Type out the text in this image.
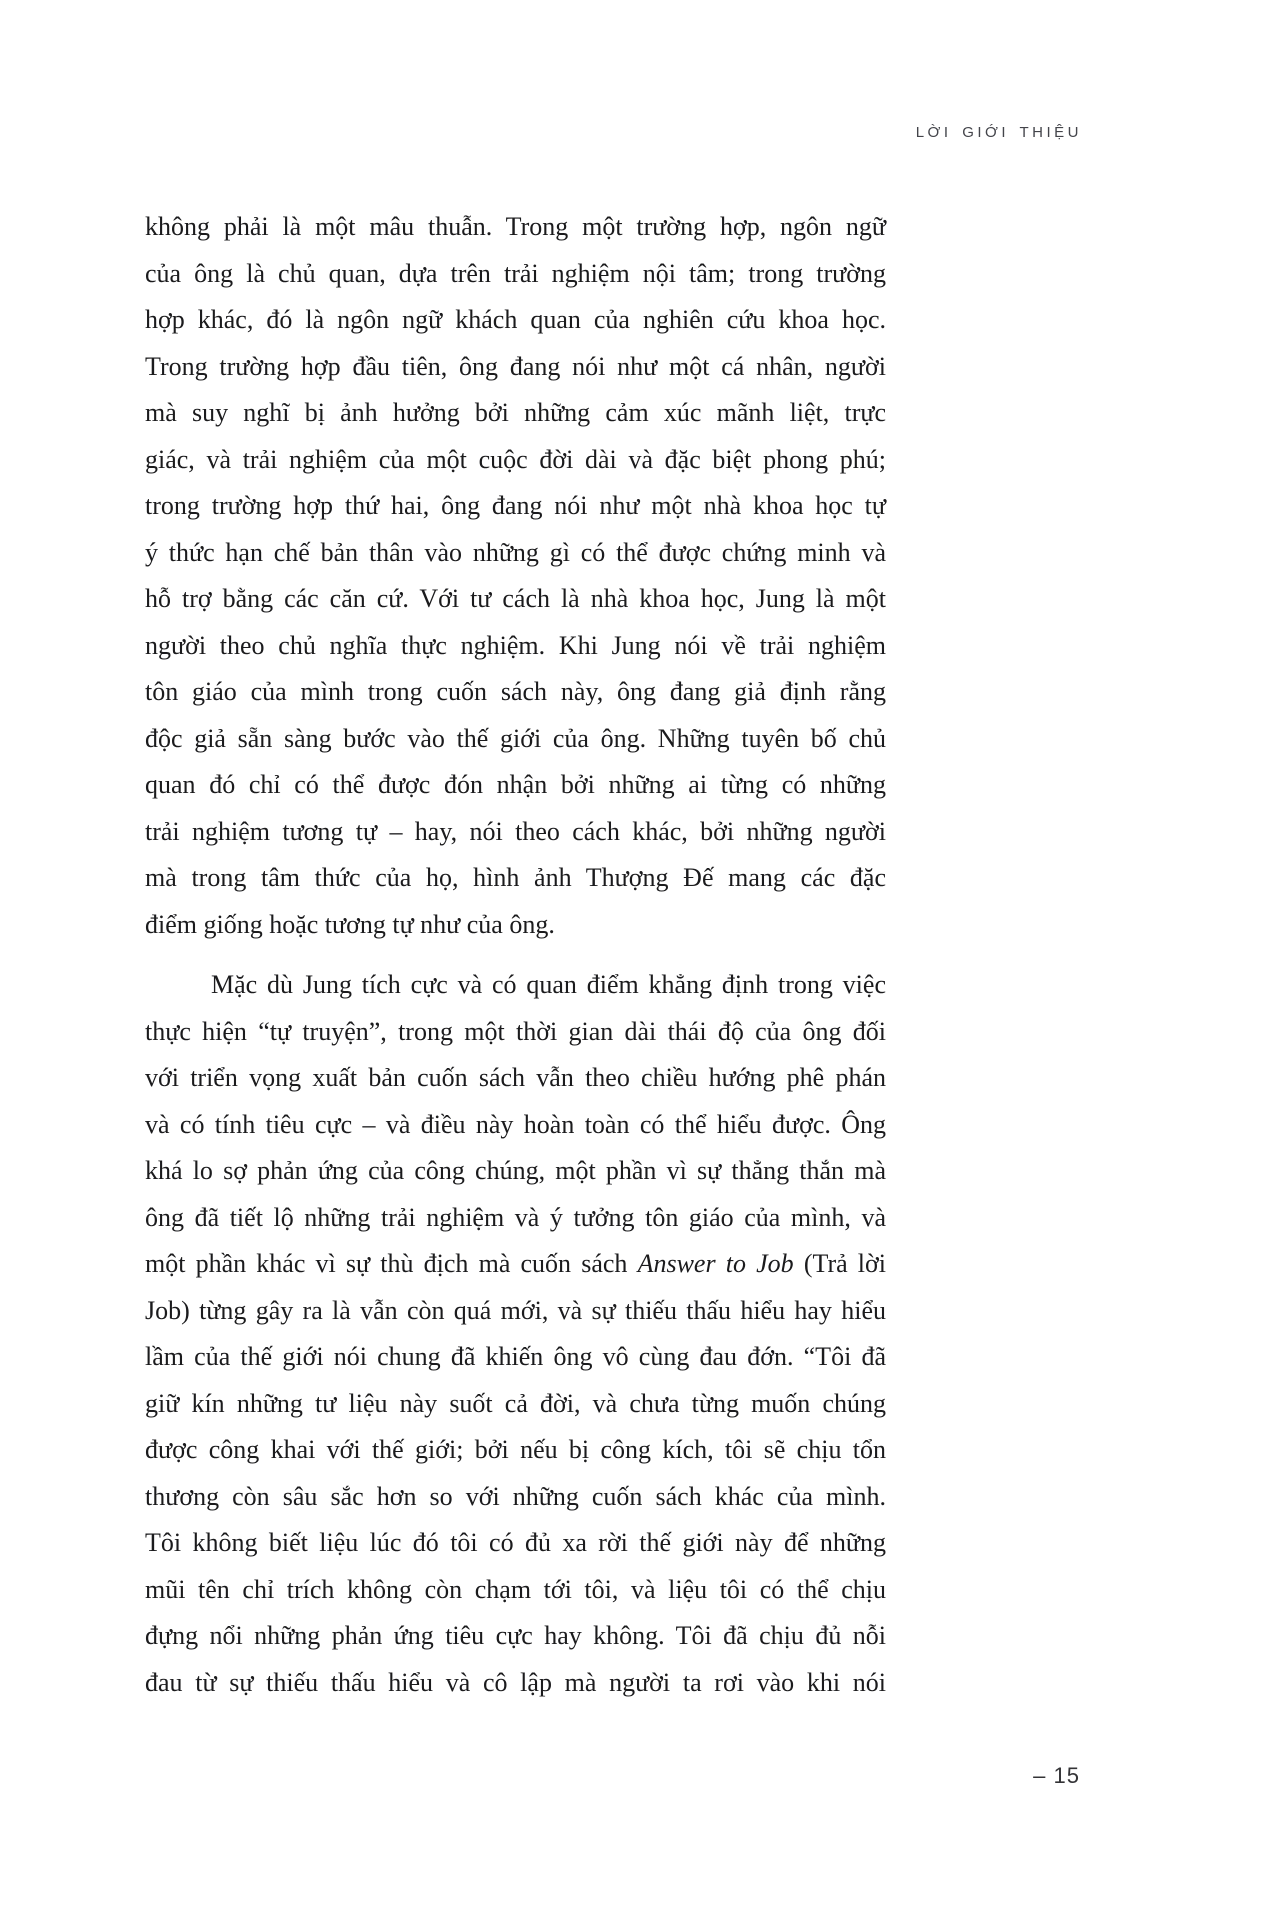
LỜI GIỚI THIỆU
không phải là một mâu thuẫn. Trong một trường hợp, ngôn ngữ
của ông là chủ quan, dựa trên trải nghiệm nội tâm; trong trường
hợp khác, đó là ngôn ngữ khách quan của nghiên cứu khoa học.
Trong trường hợp đầu tiên, ông đang nói như một cá nhân, người
mà suy nghĩ bị ảnh hưởng bởi những cảm xúc mãnh liệt, trực
giác, và trải nghiệm của một cuộc đời dài và đặc biệt phong phú;
trong trường hợp thứ hai, ông đang nói như một nhà khoa học tự
ý thức hạn chế bản thân vào những gì có thể được chứng minh và
hỗ trợ bằng các căn cứ. Với tư cách là nhà khoa học, Jung là một
người theo chủ nghĩa thực nghiệm. Khi Jung nói về trải nghiệm
tôn giáo của mình trong cuốn sách này, ông đang giả định rằng
độc giả sẵn sàng bước vào thế giới của ông. Những tuyên bố chủ
quan đó chỉ có thể được đón nhận bởi những ai từng có những
trải nghiệm tương tự – hay, nói theo cách khác, bởi những người
mà trong tâm thức của họ, hình ảnh Thượng Đế mang các đặc
điểm giống hoặc tương tự như của ông.
Mặc dù Jung tích cực và có quan điểm khẳng định trong việc
thực hiện “tự truyện”, trong một thời gian dài thái độ của ông đối
với triển vọng xuất bản cuốn sách vẫn theo chiều hướng phê phán
và có tính tiêu cực – và điều này hoàn toàn có thể hiểu được. Ông
khá lo sợ phản ứng của công chúng, một phần vì sự thẳng thắn mà
ông đã tiết lộ những trải nghiệm và ý tưởng tôn giáo của mình, và
một phần khác vì sự thù địch mà cuốn sách Answer to Job (Trả lời
Job) từng gây ra là vẫn còn quá mới, và sự thiếu thấu hiểu hay hiểu
lầm của thế giới nói chung đã khiến ông vô cùng đau đớn. “Tôi đã
giữ kín những tư liệu này suốt cả đời, và chưa từng muốn chúng
được công khai với thế giới; bởi nếu bị công kích, tôi sẽ chịu tổn
thương còn sâu sắc hơn so với những cuốn sách khác của mình.
Tôi không biết liệu lúc đó tôi có đủ xa rời thế giới này để những
mũi tên chỉ trích không còn chạm tới tôi, và liệu tôi có thể chịu
đựng nổi những phản ứng tiêu cực hay không. Tôi đã chịu đủ nỗi
đau từ sự thiếu thấu hiểu và cô lập mà người ta rơi vào khi nói
– 15
